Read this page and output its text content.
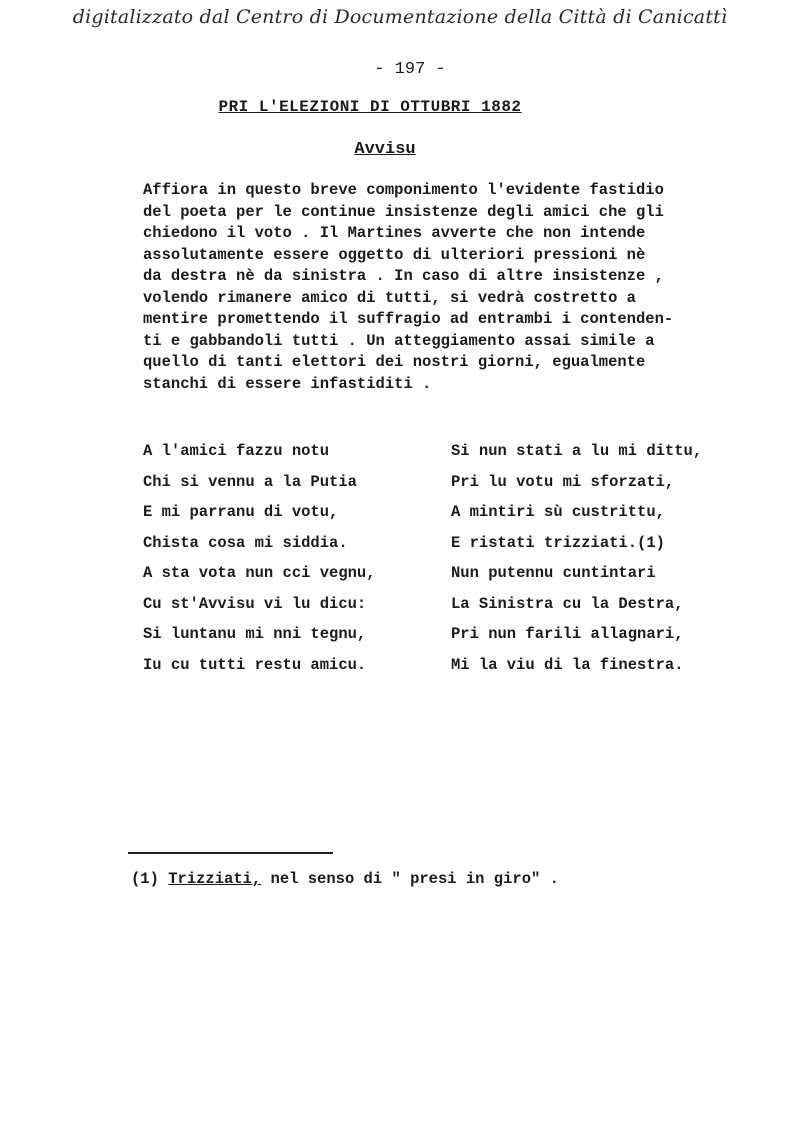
digitalizzato dal Centro di Documentazione della Città di Canicattì
- 197 -
PRI L'ELEZIONI DI OTTUBRI 1882
Avvisu
Affiora in questo breve componimento l'evidente fastidio
del poeta per le continue insistenze degli amici che gli
chiedono il voto . Il Martines avverte che non intende
assolutamente essere oggetto di ulteriori pressioni nè
da destra nè da sinistra . In caso di altre insistenze ,
volendo rimanere amico di tutti, si vedrà costretto a
mentire promettendo il suffragio ad entrambi i contenden-
ti e gabbandoli tutti . Un atteggiamento assai simile a
quello di tanti elettori dei nostri giorni, egualmente
stanchi di essere infastiditi .
A l'amici fazzu notu
Chi si vennu a la Putia
E mi parranu di votu,
Chista cosa mi siddia.
A sta vota nun cci vegnu,
Cu st'Avvisu vi lu dicu:
Si luntanu mi nni tegnu,
Iu cu tutti restu amicu.
Si nun stati a lu mi dittu,
Pri lu votu mi sforzati,
A mintiri sù custrittu,
E ristati trizziati.(1)
Nun putennu cuntintari
La Sinistra cu la Destra,
Pri nun farili allagnari,
Mi la viu di la finestra.
(1) Trizziati, nel senso di " presi in giro" .
